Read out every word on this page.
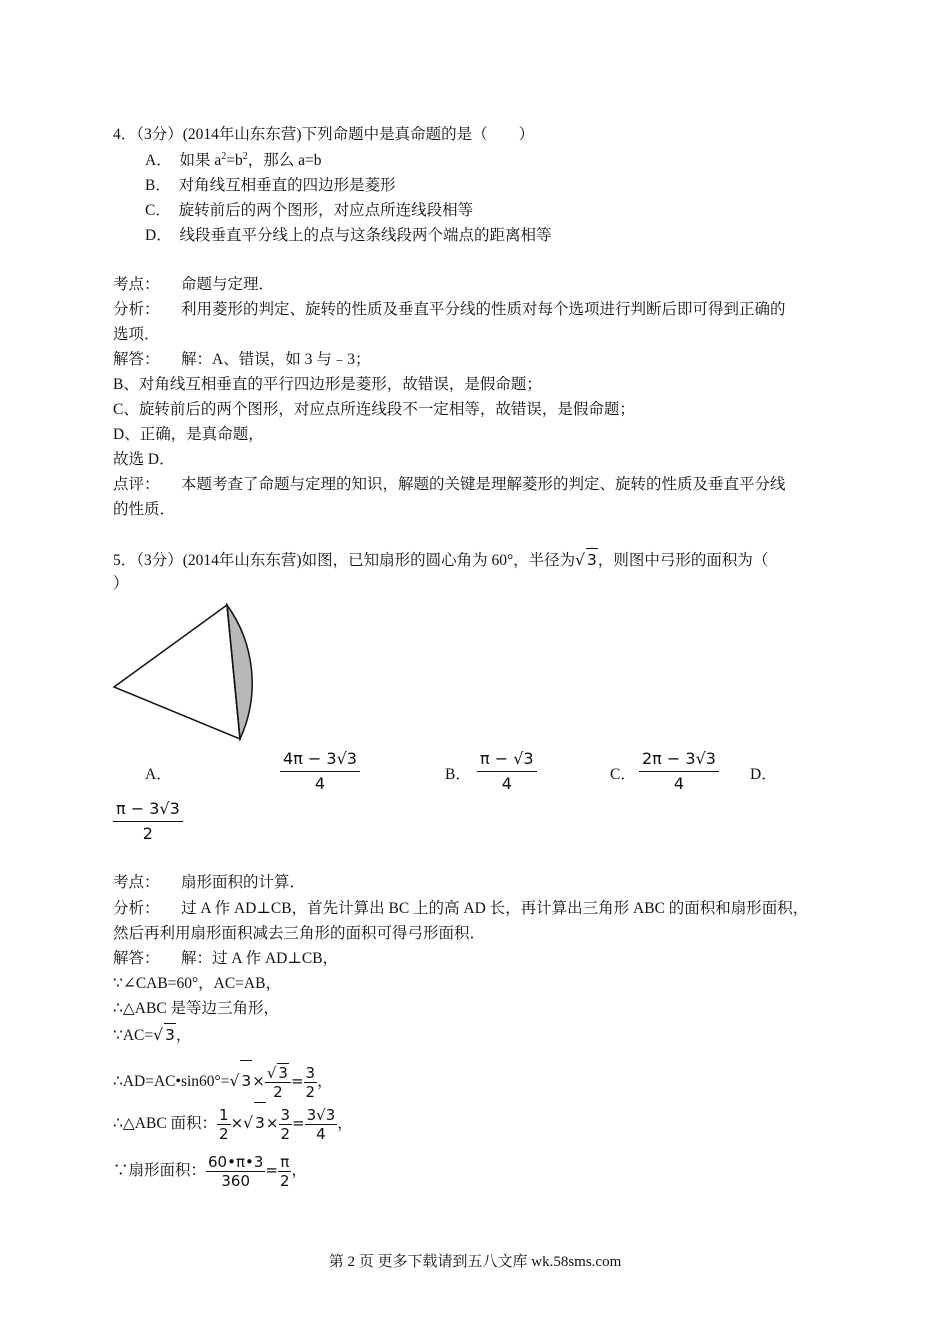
4．（3分）(2014年山东东营)下列命题中是真命题的是（　　）
A．　如果 $a^2=b^2$，那么 a=b
B．　对角线互相垂直的四边形是菱形
C．　旋转前后的两个图形，对应点所连线段相等
D．　线段垂直平分线上的点与这条线段两个端点的距离相等
考点： 命题与定理．
分析： 利用菱形的判定、旋转的性质及垂直平分线的性质对每个选项进行判断后即可得到正确的
选项．
解答： 解：A、错误，如 3 与﹣3；
B、对角线互相垂直的平行四边形是菱形，故错误，是假命题；
C、旋转前后的两个图形，对应点所连线段不一定相等，故错误，是假命题；
D、正确，是真命题，
故选 D．
点评： 本题考查了命题与定理的知识，解题的关键是理解菱形的判定、旋转的性质及垂直平分线
的性质．
5．（3分）(2014年山东东营)如图，已知扇形的圆心角为 60°，半径为√ 3，则图中弓形的面积为（
）
A．	$\frac{4\pi - 3√3}{4}$	B． $\frac{\pi - √3}{4}$	C． $\frac{2\pi - 3√3}{4}$ D．
$\frac{\pi - 3√3}{2}$
考点： 扇形面积的计算．
分析： 过 A 作 AD⊥CB，首先计算出 BC 上的高 AD 长，再计算出三角形 ABC 的面积和扇形面积，
然后再利用扇形面积减去三角形的面积可得弓形面积．
解答： 解：过 A 作 AD⊥CB，
∵∠CAB=60°，AC=AB，
∴△ABC 是等边三角形，
∵AC=√ 3，
∴AD=AC•sin60°=√ $3\times \frac{√ 3}{2} = \frac{3}{2}$ ，
∴△ABC 面积： $\frac{1}{2}$ ×√ $3\times \frac{3}{2} = \frac{3√3}{4}$ ，
∵扇形面积： $\frac{60•\pi•3}{360} = \frac{\pi}{2}$ ，
第 2 页 更多下载请到五八文库 wk.58sms.com
